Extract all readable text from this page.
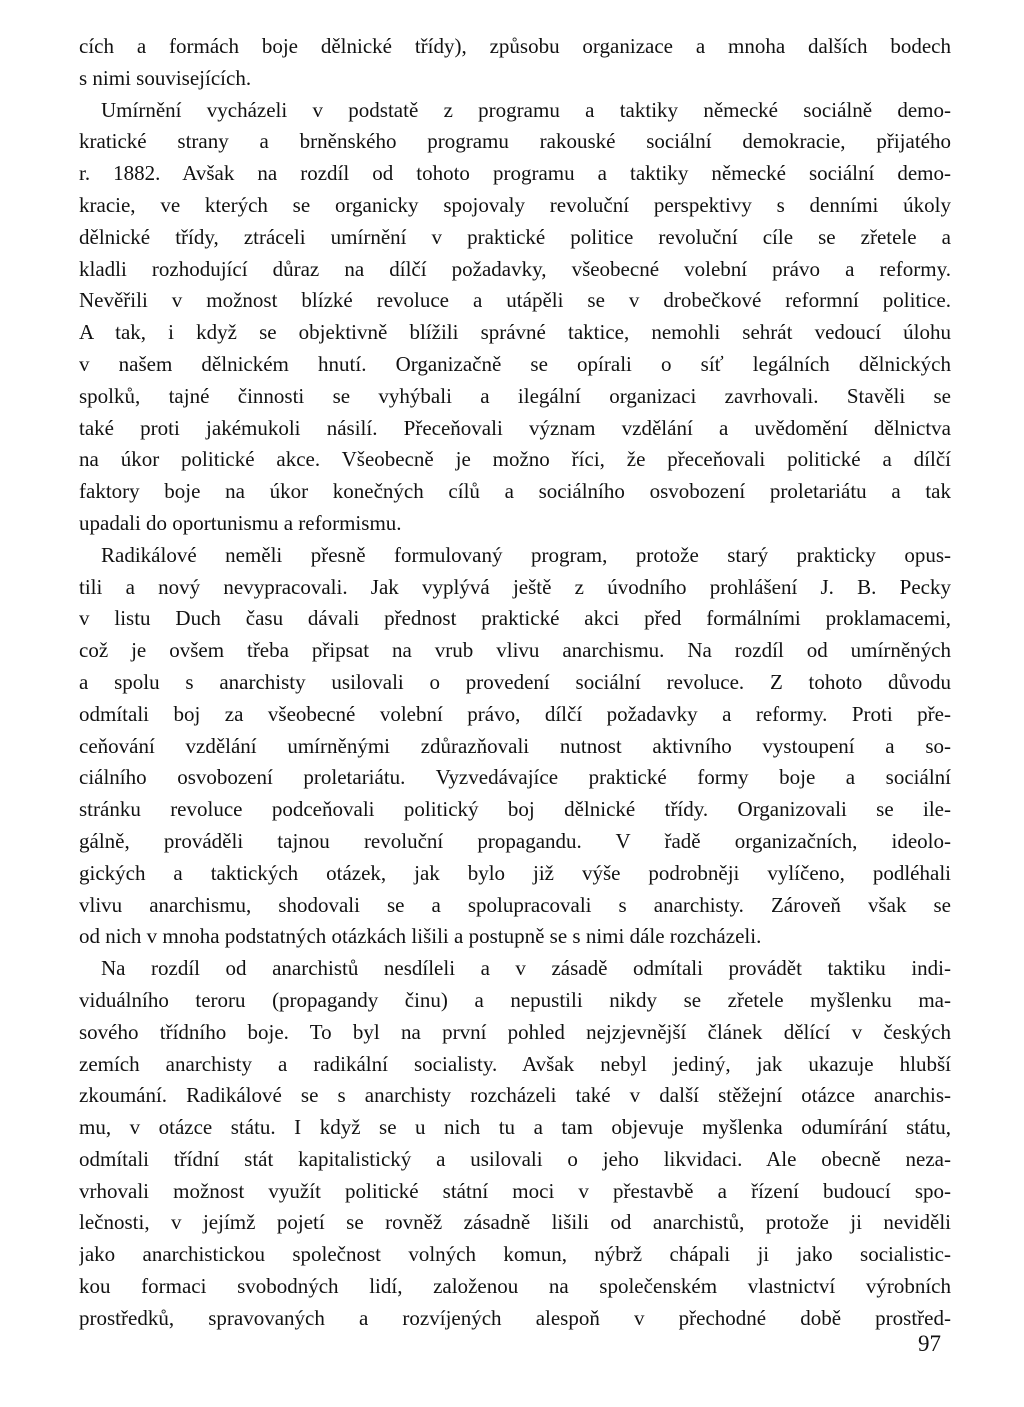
cích a formách boje dělnické třídy), způsobu organizace a mnoha dalších bodech
s nimi souvisejících.
Umírnění vycházeli v podstatě z programu a taktiky německé sociálně demo-
kratické strany a brněnského programu rakouské sociální demokracie, přijatého
r. 1882. Avšak na rozdíl od tohoto programu a taktiky německé sociální demo-
kracie, ve kterých se organicky spojovaly revoluční perspektivy s denními úkoly
dělnické třídy, ztráceli umírnění v praktické politice revoluční cíle se zřetele a
kladli rozhodující důraz na dílčí požadavky, všeobecné volební právo a reformy.
Nevěřili v možnost blízké revoluce a utápěli se v drobečkové reformní politice.
A tak, i když se objektivně blížili správné taktice, nemohli sehrát vedoucí úlohu
v našem dělnickém hnutí. Organizačně se opírali o síť legálních dělnických
spolků, tajné činnosti se vyhýbali a ilegální organizaci zavrhovali. Stavěli se
také proti jakémukoli násilí. Přeceňovali význam vzdělání a uvědomění dělnictva
na úkor politické akce. Všeobecně je možno říci, že přeceňovali politické a dílčí
faktory boje na úkor konečných cílů a sociálního osvobození proletariátu a tak
upadali do oportunismu a reformismu.
Radikálové neměli přesně formulovaný program, protože starý prakticky opus-
tili a nový nevypracovali. Jak vyplývá ještě z úvodního prohlášení J. B. Pecky
v listu Duch času dávali přednost praktické akci před formálními proklamacemi,
což je ovšem třeba připsat na vrub vlivu anarchismu. Na rozdíl od umírněných
a spolu s anarchisty usilovali o provedení sociální revoluce. Z tohoto důvodu
odmítali boj za všeobecné volební právo, dílčí požadavky a reformy. Proti pře-
ceňování vzdělání umírněnými zdůrazňovali nutnost aktivního vystoupení a so-
ciálního osvobození proletariátu. Vyzvedávajíce praktické formy boje a sociální
stránku revoluce podceňovali politický boj dělnické třídy. Organizovali se ile-
gálně, prováděli tajnou revoluční propagandu. V řadě organizačních, ideolo-
gických a taktických otázek, jak bylo již výše podrobněji vylíčeno, podléhali
vlivu anarchismu, shodovali se a spolupracovali s anarchisty. Zároveň však se
od nich v mnoha podstatných otázkách lišili a postupně se s nimi dále rozcházeli.
Na rozdíl od anarchistů nesdíleli a v zásadě odmítali provádět taktiku indi-
viduálního teroru (propagandy činu) a nepustili nikdy se zřetele myšlenku ma-
sového třídního boje. To byl na první pohled nejzjevnější článek dělící v českých
zemích anarchisty a radikální socialisty. Avšak nebyl jediný, jak ukazuje hlubší
zkoumání. Radikálové se s anarchisty rozcházeli také v další stěžejní otázce anarchis-
mu, v otázce státu. I když se u nich tu a tam objevuje myšlenka odumírání státu,
odmítali třídní stát kapitalistický a usilovali o jeho likvidaci. Ale obecně neza-
vrhovali možnost využít politické státní moci v přestavbě a řízení budoucí spo-
lečnosti, v jejímž pojetí se rovněž zásadně lišili od anarchistů, protože ji neviděli
jako anarchistickou společnost volných komun, nýbrž chápali ji jako socialistic-
kou formaci svobodných lidí, založenou na společenském vlastnictví výrobních
prostředků, spravovaných a rozvíjených alespoň v přechodné době prostřed-
97
